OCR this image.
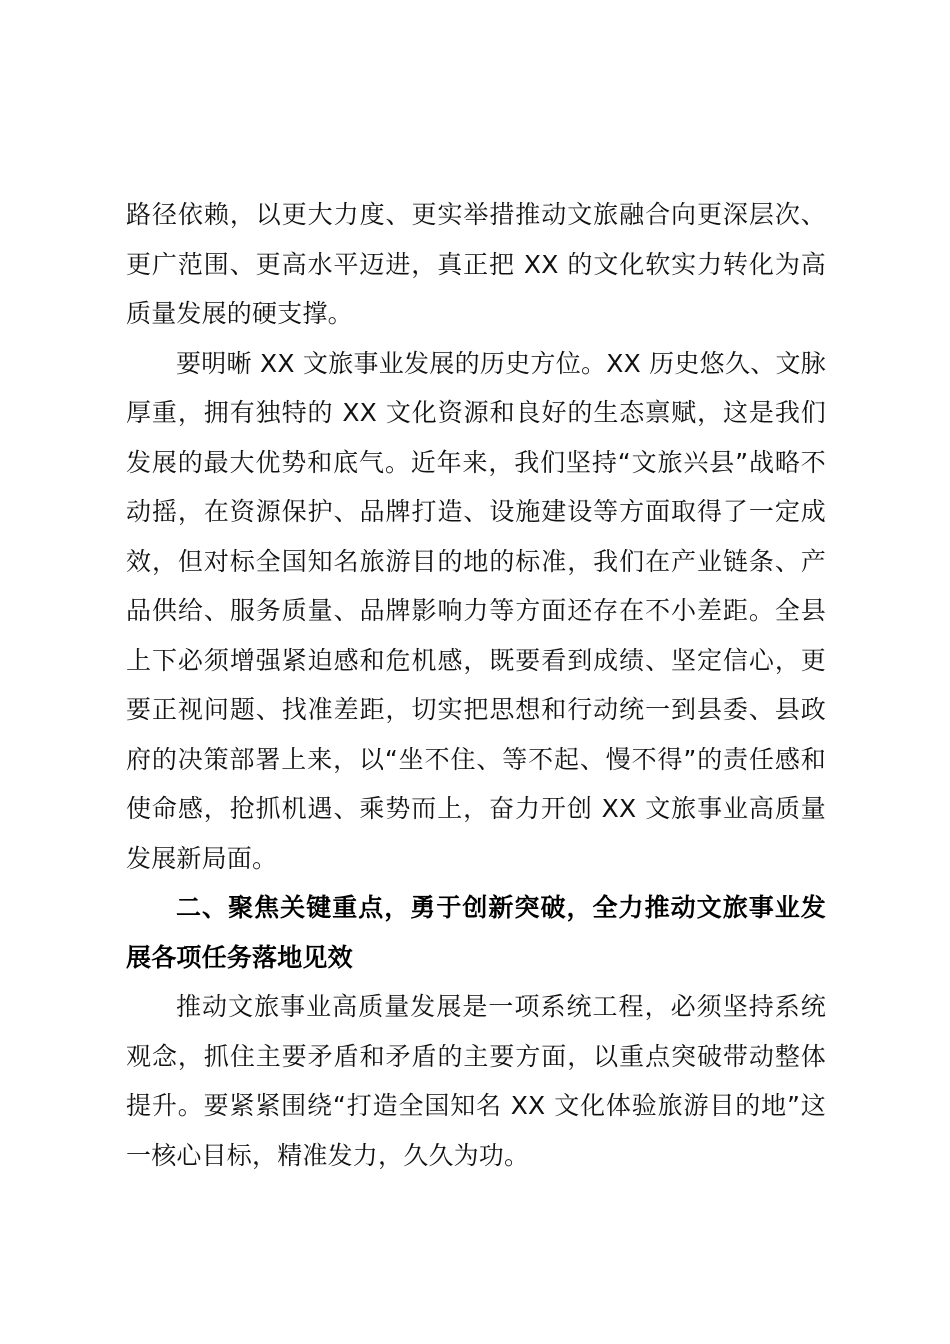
路径依赖，以更大力度、更实举措推动文旅融合向更深层次、更广范围、更高水平迈进，真正把 XX 的文化软实力转化为高质量发展的硬支撑。

要明晰 XX 文旅事业发展的历史方位。XX 历史悠久、文脉厚重，拥有独特的 XX 文化资源和良好的生态禀赋，这是我们发展的最大优势和底气。近年来，我们坚持“文旅兴县”战略不动摇，在资源保护、品牌打造、设施建设等方面取得了一定成效，但对标全国知名旅游目的地的标准，我们在产业链条、产品供给、服务质量、品牌影响力等方面还存在不小差距。全县上下必须增强紧迫感和危机感，既要看到成绩、坚定信心，更要正视问题、找准差距，切实把思想和行动统一到县委、县政府的决策部署上来，以“坐不住、等不起、慢不得”的责任感和使命感，抢抓机遇、乘势而上，奋力开创 XX 文旅事业高质量发展新局面。

二、聚焦关键重点，勇于创新突破，全力推动文旅事业发展各项任务落地见效

推动文旅事业高质量发展是一项系统工程，必须坚持系统观念，抓住主要矛盾和矛盾的主要方面，以重点突破带动整体提升。要紧紧围绕“打造全国知名 XX 文化体验旅游目的地”这一核心目标，精准发力，久久为功。
